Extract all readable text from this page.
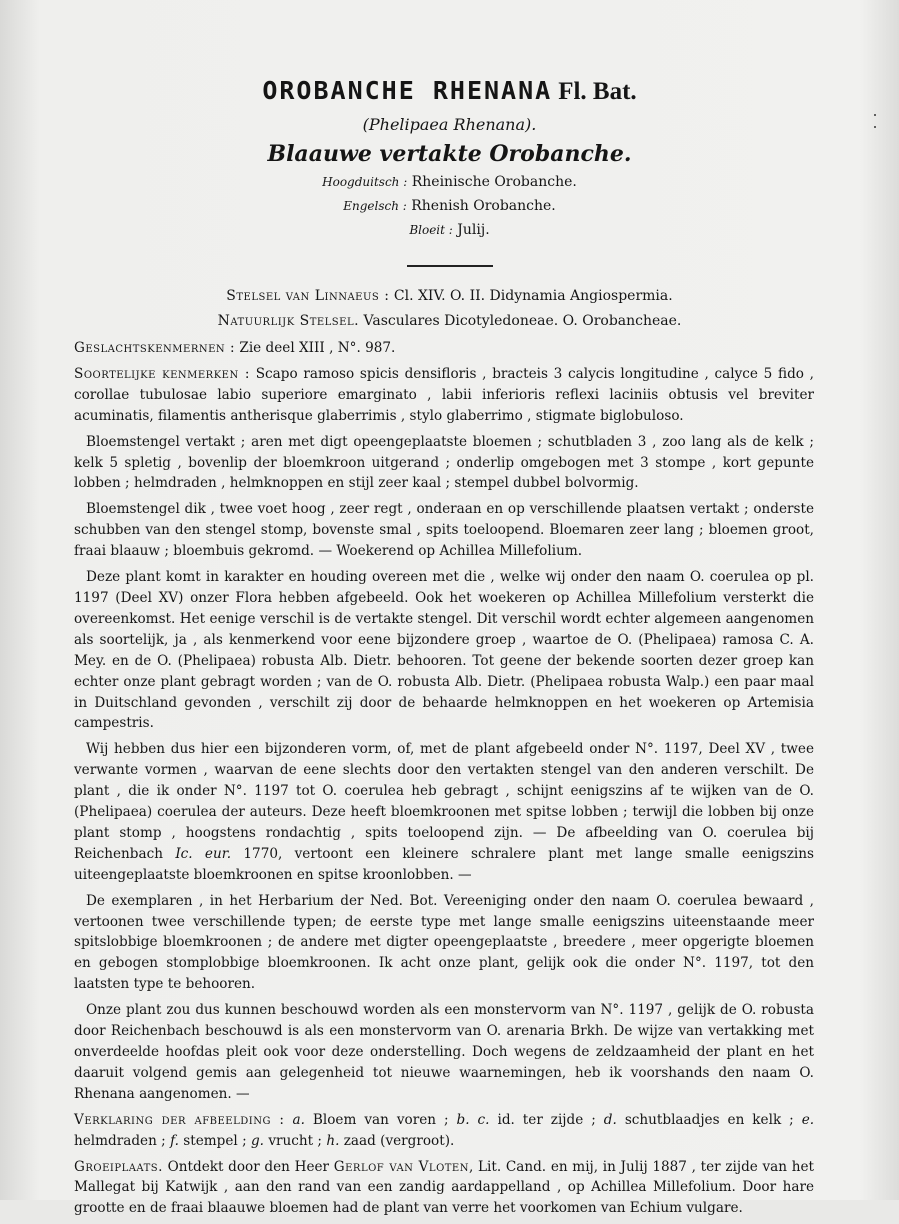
OROBANCHE RHENANA Fl. Bat.
(Phelipaea Rhenana).
Blaauwe vertakte Orobanche.
Hoogduitsch : Rheinische Orobanche.
Engelsch : Rhenish Orobanche.
Bloeit : Julij.
Stelsel van Linnaeus : Cl. XIV. O. II. Didynamia Angiospermia.
Natuurlijk Stelsel. Vasculares Dicotyledoneae. O. Orobancheae.

Geslachtskenmernen : Zie deel XIII , N°. 987.

Soortelijke kenmerken : Scapo ramoso spicis densifloris , bracteis 3 calycis longitudine , calyce 5 fido , corollae tubulosae labio superiore emarginato , labii inferioris reflexi laciniis obtusis vel breviter acuminatis, filamentis antherisque glaberrimis , stylo glaberrimo , stigmate biglobuloso.

Bloemstengel vertakt ; aren met digt opeengeplaatste bloemen ; schutbladen 3 , zoo lang als de kelk ; kelk 5 spletig , bovenlip der bloemkroon uitgerand ; onderlip omgebogen met 3 stompe , kort gepunte lobben ; helmdraden , helmknoppen en stijl zeer kaal ; stempel dubbel bolvormig.

Bloemstengel dik , twee voet hoog , zeer regt , onderaan en op verschillende plaatsen vertakt ; onderste schubben van den stengel stomp, bovenste smal , spits toeloopend. Bloemaren zeer lang ; bloemen groot, fraai blaauw ; bloembuis gekromd. — Woekerend op Achillea Millefolium.

Deze plant komt in karakter en houding overeen met die , welke wij onder den naam O. coerulea op pl. 1197 (Deel XV) onzer Flora hebben afgebeeld. Ook het woekeren op Achillea Millefolium versterkt die overeenkomst. Het eenige verschil is de vertakte stengel. Dit verschil wordt echter algemeen aangenomen als soortelijk, ja , als kenmerkend voor eene bijzondere groep , waartoe de O. (Phelipaea) ramosa C. A. Mey. en de O. (Phelipaea) robusta Alb. Dietr. behooren. Tot geene der bekende soorten dezer groep kan echter onze plant gebragt worden ; van de O. robusta Alb. Dietr. (Phelipaea robusta Walp.) een paar maal in Duitschland gevonden , verschilt zij door de behaarde helmknoppen en het woekeren op Artemisia campestris.

Wij hebben dus hier een bijzonderen vorm, of, met de plant afgebeeld onder N°. 1197, Deel XV , twee verwante vormen , waarvan de eene slechts door den vertakten stengel van den anderen verschilt. De plant , die ik onder N°. 1197 tot O. coerulea heb gebragt , schijnt eenigszins af te wijken van de O. (Phelipaea) coerulea der auteurs. Deze heeft bloemkroonen met spitse lobben ; terwijl die lobben bij onze plant stomp , hoogstens rondachtig , spits toeloopend zijn. — De afbeelding van O. coerulea bij Reichenbach Ic. eur. 1770, vertoont een kleinere schralere plant met lange smalle eenigszins uiteengeplaatste bloemkroonen en spitse kroonlobben. —

De exemplaren , in het Herbarium der Ned. Bot. Vereeniging onder den naam O. coerulea bewaard , vertoonen twee verschillende typen; de eerste type met lange smalle eenigszins uiteenstaande meer spitslobbige bloemkroonen ; de andere met digter opeengeplaatste , breedere , meer opgerigte bloemen en gebogen stomplobbige bloemkroonen. Ik acht onze plant, gelijk ook die onder N°. 1197, tot den laatsten type te behooren.

Onze plant zou dus kunnen beschouwd worden als een monstervorm van N°. 1197 , gelijk de O. robusta door Reichenbach beschouwd is als een monstervorm van O. arenaria Brkh. De wijze van vertakking met onverdeelde hoofdas pleit ook voor deze onderstelling. Doch wegens de zeldzaamheid der plant en het daaruit volgend gemis aan gelegenheid tot nieuwe waarnemingen, heb ik voorshands den naam O. Rhenana aangenomen. —

Verklaring der afbeelding : a. Bloem van voren ; b. c. id. ter zijde ; d. schutblaadjes en kelk ; e. helmdraden ; f. stempel ; g. vrucht ; h. zaad (vergroot).

Groeiplaats. Ontdekt door den Heer Gerlof van Vloten, Lit. Cand. en mij, in Julij 1887 , ter zijde van het Mallegat bij Katwijk , aan den rand van een zandig aardappelland , op Achillea Millefolium. Door hare grootte en de fraai blaauwe bloemen had de plant van verre het voorkomen van Echium vulgare.
